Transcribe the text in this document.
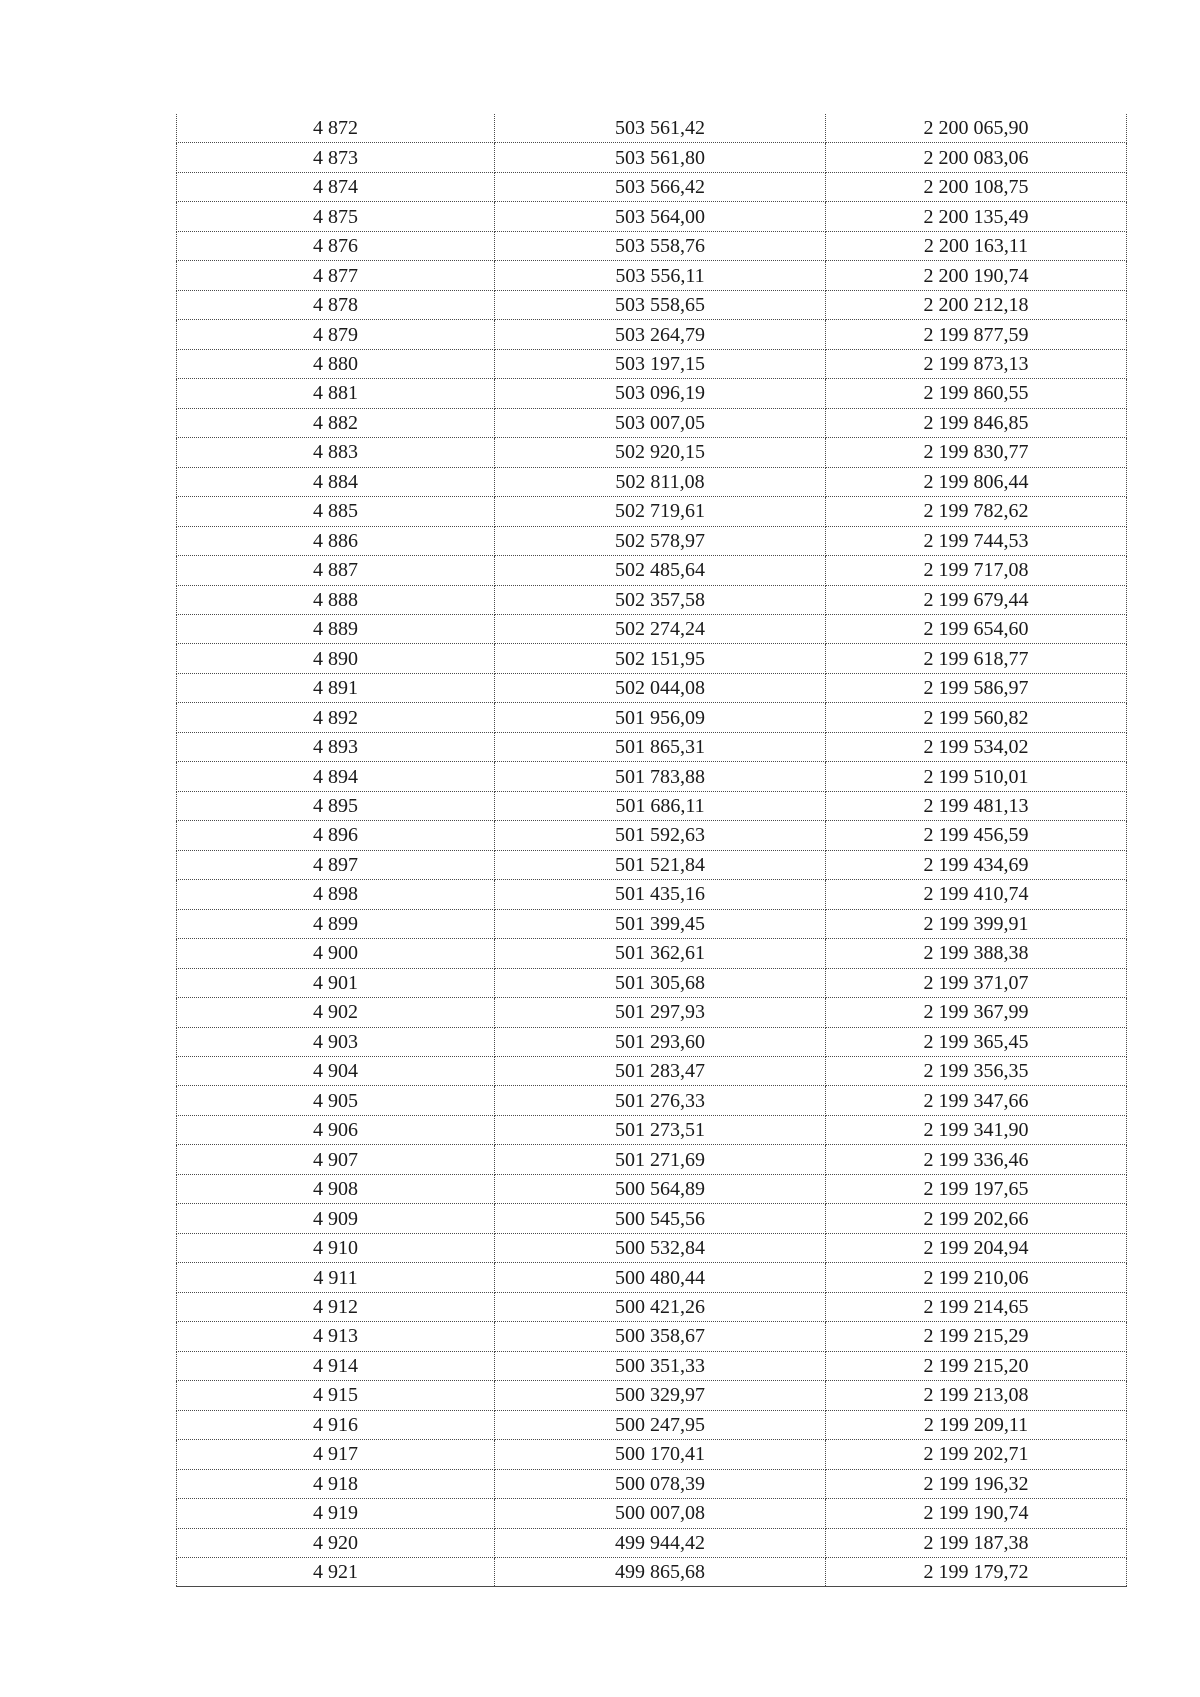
4 872	503 561,42	2 200 065,90
4 873	503 561,80	2 200 083,06
4 874	503 566,42	2 200 108,75
4 875	503 564,00	2 200 135,49
4 876	503 558,76	2 200 163,11
4 877	503 556,11	2 200 190,74
4 878	503 558,65	2 200 212,18
4 879	503 264,79	2 199 877,59
4 880	503 197,15	2 199 873,13
4 881	503 096,19	2 199 860,55
4 882	503 007,05	2 199 846,85
4 883	502 920,15	2 199 830,77
4 884	502 811,08	2 199 806,44
4 885	502 719,61	2 199 782,62
4 886	502 578,97	2 199 744,53
4 887	502 485,64	2 199 717,08
4 888	502 357,58	2 199 679,44
4 889	502 274,24	2 199 654,60
4 890	502 151,95	2 199 618,77
4 891	502 044,08	2 199 586,97
4 892	501 956,09	2 199 560,82
4 893	501 865,31	2 199 534,02
4 894	501 783,88	2 199 510,01
4 895	501 686,11	2 199 481,13
4 896	501 592,63	2 199 456,59
4 897	501 521,84	2 199 434,69
4 898	501 435,16	2 199 410,74
4 899	501 399,45	2 199 399,91
4 900	501 362,61	2 199 388,38
4 901	501 305,68	2 199 371,07
4 902	501 297,93	2 199 367,99
4 903	501 293,60	2 199 365,45
4 904	501 283,47	2 199 356,35
4 905	501 276,33	2 199 347,66
4 906	501 273,51	2 199 341,90
4 907	501 271,69	2 199 336,46
4 908	500 564,89	2 199 197,65
4 909	500 545,56	2 199 202,66
4 910	500 532,84	2 199 204,94
4 911	500 480,44	2 199 210,06
4 912	500 421,26	2 199 214,65
4 913	500 358,67	2 199 215,29
4 914	500 351,33	2 199 215,20
4 915	500 329,97	2 199 213,08
4 916	500 247,95	2 199 209,11
4 917	500 170,41	2 199 202,71
4 918	500 078,39	2 199 196,32
4 919	500 007,08	2 199 190,74
4 920	499 944,42	2 199 187,38
4 921	499 865,68	2 199 179,72
